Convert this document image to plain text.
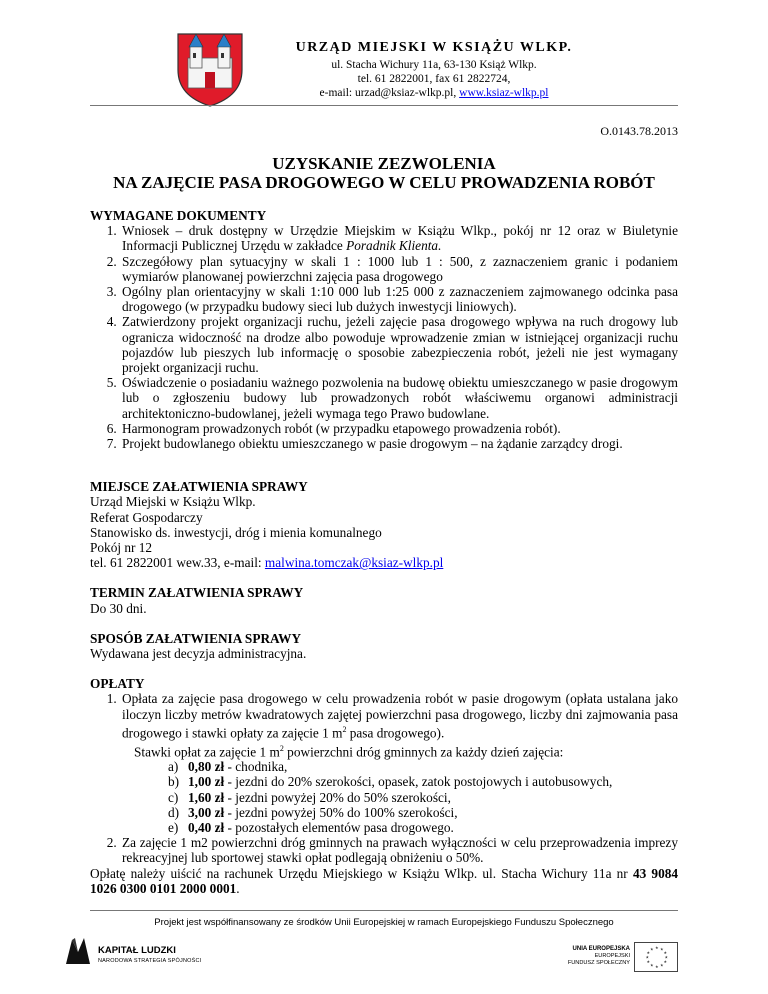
URZĄD MIEJSKI W KSIĄŻU WLKP.
ul. Stacha Wichury 11a, 63-130 Książ Wlkp.
tel. 61 2822001, fax 61 2822724,
e-mail: urzad@ksiaz-wlkp.pl, www.ksiaz-wlkp.pl
O.0143.78.2013
UZYSKANIE ZEZWOLENIA
NA ZAJĘCIE PASA DROGOWEGO W CELU PROWADZENIA ROBÓT

WYMAGANE DOKUMENTY

1. Wniosek – druk dostępny w Urzędzie Miejskim w Książu Wlkp., pokój nr 12 oraz w Biuletynie Informacji Publicznej Urzędu w zakładce Poradnik Klienta.
2. Szczegółowy plan sytuacyjny w skali 1 : 1000 lub 1 : 500, z zaznaczeniem granic i podaniem wymiarów planowanej powierzchni zajęcia pasa drogowego
3. Ogólny plan orientacyjny w skali 1:10 000 lub 1:25 000 z zaznaczeniem zajmowanego odcinka pasa drogowego (w przypadku budowy sieci lub dużych inwestycji liniowych).
4. Zatwierdzony projekt organizacji ruchu, jeżeli zajęcie pasa drogowego wpływa na ruch drogowy lub ogranicza widoczność na drodze albo powoduje wprowadzenie zmian w istniejącej organizacji ruchu pojazdów lub pieszych lub informację o sposobie zabezpieczenia robót, jeżeli nie jest wymagany projekt organizacji ruchu.
5. Oświadczenie o posiadaniu ważnego pozwolenia na budowę obiektu umieszczanego w pasie drogowym lub o zgłoszeniu budowy lub prowadzonych robót właściwemu organowi administracji architektoniczno-budowlanej, jeżeli wymaga tego Prawo budowlane.
6. Harmonogram prowadzonych robót (w przypadku etapowego prowadzenia robót).
7. Projekt budowlanego obiektu umieszczanego w pasie drogowym – na żądanie zarządcy drogi.

MIEJSCE ZAŁATWIENIA SPRAWY

Urząd Miejski w Książu Wlkp.

Referat Gospodarczy

Stanowisko ds. inwestycji, dróg i mienia komunalnego

Pokój nr 12

tel. 61 2822001 wew.33, e-mail: malwina.tomczak@ksiaz-wlkp.pl

TERMIN ZAŁATWIENIA SPRAWY

Do 30 dni.

SPOSÓB ZAŁATWIENIA SPRAWY

Wydawana jest decyzja administracyjna.

OPŁATY

1. Opłata za zajęcie pasa drogowego w celu prowadzenia robót w pasie drogowym (opłata ustalana jako iloczyn liczby metrów kwadratowych zajętej powierzchni pasa drogowego, liczby dni zajmowania pasa drogowego i stawki opłaty za zajęcie 1 $m^2$ pasa drogowego).
Stawki opłat za zajęcie 1 $m^2$ powierzchni dróg gminnych za każdy dzień zajęcia:
a) 0,80 zł - chodnika,
b) 1,00 zł - jezdni do 20% szerokości, opasek, zatok postojowych i autobusowych,
c) 1,60 zł - jezdni powyżej 20% do 50% szerokości,
d) 3,00 zł - jezdni powyżej 50% do 100% szerokości,
e) 0,40 zł - pozostałych elementów pasa drogowego.
2. Za zajęcie 1 m2 powierzchni dróg gminnych na prawach wyłączności w celu przeprowadzenia imprezy rekreacyjnej lub sportowej stawki opłat podlegają obniżeniu o 50%.

Opłatę należy uiścić na rachunek Urzędu Miejskiego w Książu Wlkp. ul. Stacha Wichury 11a nr 43 9084 1026 0300 0101 2000 0001.

Projekt jest współfinansowany ze środków Unii Europejskiej w ramach Europejskiego Funduszu Społecznego
KAPITAŁ LUDZKI
NARODOWA STRATEGIA SPÓJNOŚCI
UNIA EUROPEJSKA
EUROPEJSKI
FUNDUSZ SPOŁECZNY
★ ★
★
★
★
★
★
★
★
★
★
★
